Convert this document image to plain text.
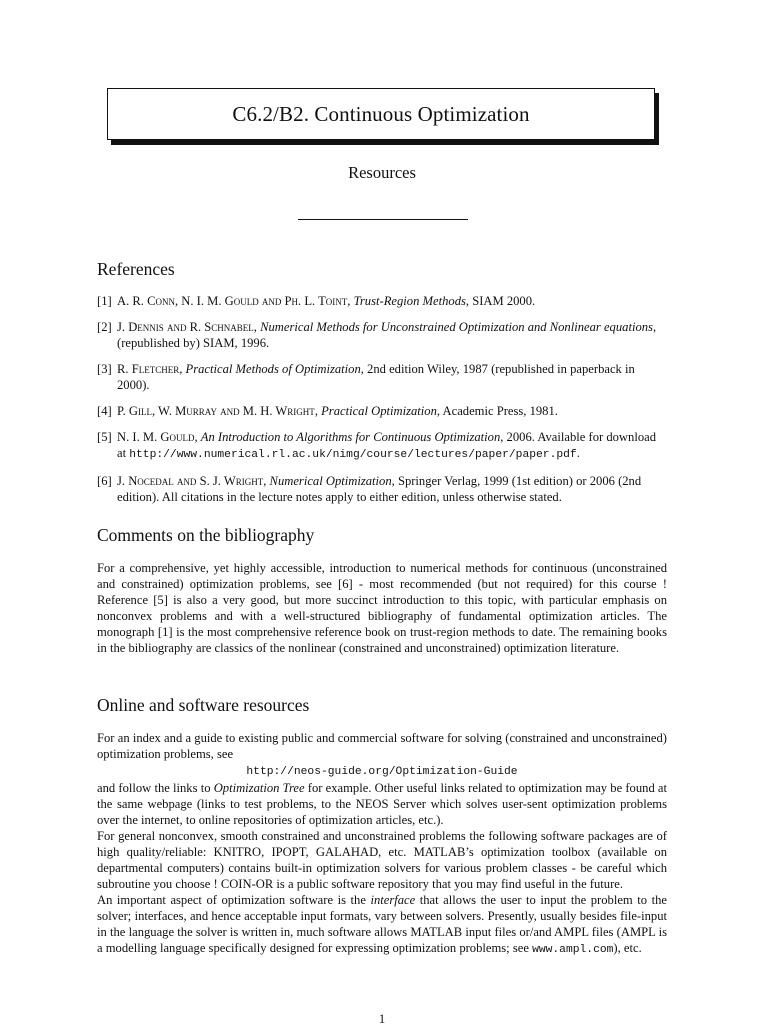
C6.2/B2. Continuous Optimization
Resources
References
[1] A. R. Conn, N. I. M. Gould and Ph. L. Toint, Trust-Region Methods, SIAM 2000.
[2] J. Dennis and R. Schnabel, Numerical Methods for Unconstrained Optimization and Nonlinear equations, (republished by) SIAM, 1996.
[3] R. Fletcher, Practical Methods of Optimization, 2nd edition Wiley, 1987 (republished in paperback in 2000).
[4] P. Gill, W. Murray and M. H. Wright, Practical Optimization, Academic Press, 1981.
[5] N. I. M. Gould, An Introduction to Algorithms for Continuous Optimization, 2006. Available for download at http://www.numerical.rl.ac.uk/nimg/course/lectures/paper/paper.pdf.
[6] J. Nocedal and S. J. Wright, Numerical Optimization, Springer Verlag, 1999 (1st edition) or 2006 (2nd edition). All citations in the lecture notes apply to either edition, unless otherwise stated.
Comments on the bibliography

For a comprehensive, yet highly accessible, introduction to numerical methods for continuous (unconstrained and constrained) optimization problems, see [6] - most recommended (but not required) for this course ! Reference [5] is also a very good, but more succinct introduction to this topic, with particular emphasis on nonconvex problems and with a well-structured bibliography of fundamental optimization articles. The monograph [1] is the most comprehensive reference book on trust-region methods to date. The remaining books in the bibliography are classics of the nonlinear (constrained and unconstrained) optimization literature.

Online and software resources
For an index and a guide to existing public and commercial software for solving (constrained and unconstrained) optimization problems, see
http://neos-guide.org/Optimization-Guide
and follow the links to Optimization Tree for example. Other useful links related to optimization may be found at the same webpage (links to test problems, to the NEOS Server which solves user-sent optimization problems over the internet, to online repositories of optimization articles, etc.).
For general nonconvex, smooth constrained and unconstrained problems the following software packages are of high quality/reliable: KNITRO, IPOPT, GALAHAD, etc. MATLAB’s optimization toolbox (available on departmental computers) contains built-in optimization solvers for various problem classes - be careful which subroutine you choose ! COIN-OR is a public software repository that you may find useful in the future.
An important aspect of optimization software is the interface that allows the user to input the problem to the solver; interfaces, and hence acceptable input formats, vary between solvers. Presently, usually besides file-input in the language the solver is written in, much software allows MATLAB input files or/and AMPL files (AMPL is a modelling language specifically designed for expressing optimization problems; see www.ampl.com), etc.
1
